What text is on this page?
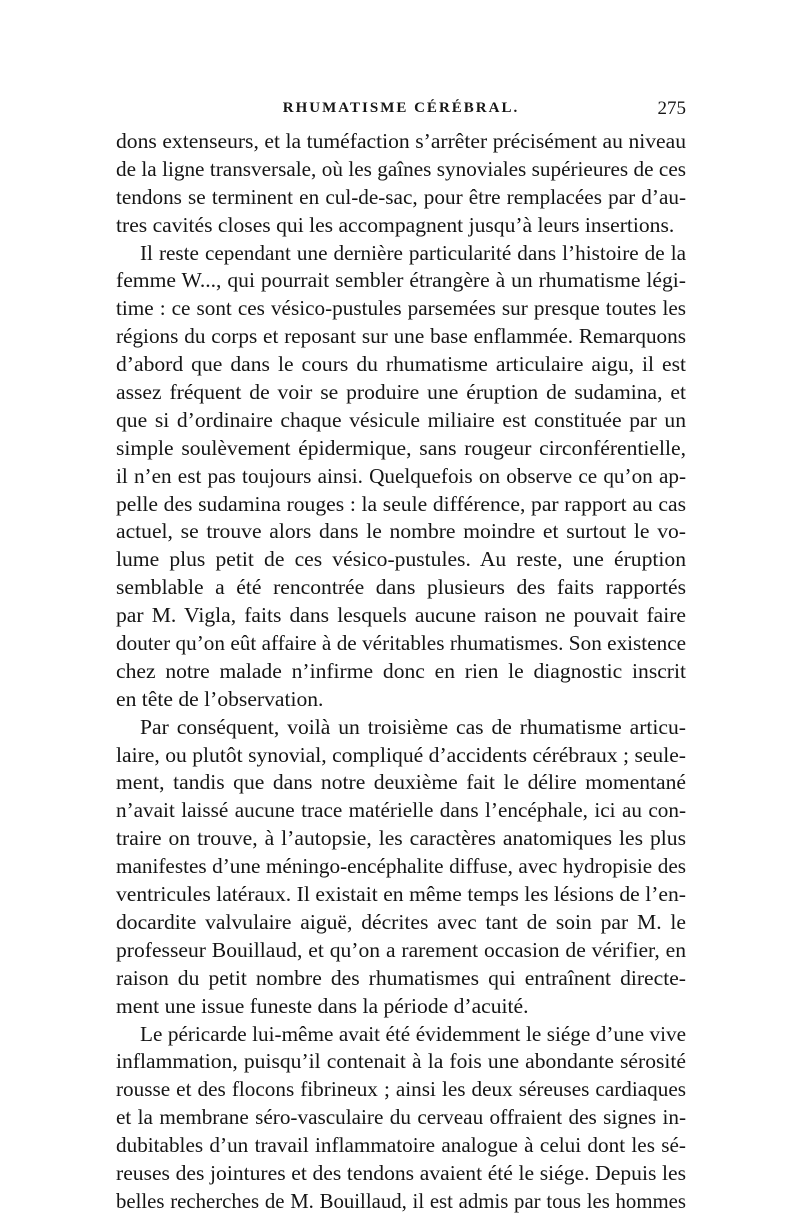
RHUMATISME CÉRÉBRAL.	275
dons extenseurs, et la tuméfaction s’arrêter précisément au niveau
de la ligne transversale, où les gaînes synoviales supérieures de ces
tendons se terminent en cul-de-sac, pour être remplacées par d’au-
tres cavités closes qui les accompagnent jusqu’à leurs insertions.
Il reste cependant une dernière particularité dans l’histoire de la
femme W..., qui pourrait sembler étrangère à un rhumatisme légi-
time : ce sont ces vésico-pustules parsemées sur presque toutes les
régions du corps et reposant sur une base enflammée. Remarquons
d’abord que dans le cours du rhumatisme articulaire aigu, il est
assez fréquent de voir se produire une éruption de sudamina, et
que si d’ordinaire chaque vésicule miliaire est constituée par un
simple soulèvement épidermique, sans rougeur circonférentielle,
il n’en est pas toujours ainsi. Quelquefois on observe ce qu’on ap-
pelle des sudamina rouges : la seule différence, par rapport au cas
actuel, se trouve alors dans le nombre moindre et surtout le vo-
lume plus petit de ces vésico-pustules. Au reste, une éruption
semblable a été rencontrée dans plusieurs des faits rapportés
par M. Vigla, faits dans lesquels aucune raison ne pouvait faire
douter qu’on eût affaire à de véritables rhumatismes. Son existence
chez notre malade n’infirme donc en rien le diagnostic inscrit
en tête de l’observation.
Par conséquent, voilà un troisième cas de rhumatisme articu-
laire, ou plutôt synovial, compliqué d’accidents cérébraux ; seule-
ment, tandis que dans notre deuxième fait le délire momentané
n’avait laissé aucune trace matérielle dans l’encéphale, ici au con-
traire on trouve, à l’autopsie, les caractères anatomiques les plus
manifestes d’une méningo-encéphalite diffuse, avec hydropisie des
ventricules latéraux. Il existait en même temps les lésions de l’en-
docardite valvulaire aiguë, décrites avec tant de soin par M. le
professeur Bouillaud, et qu’on a rarement occasion de vérifier, en
raison du petit nombre des rhumatismes qui entraînent directe-
ment une issue funeste dans la période d’acuité.
Le péricarde lui-même avait été évidemment le siége d’une vive
inflammation, puisqu’il contenait à la fois une abondante sérosité
rousse et des flocons fibrineux ; ainsi les deux séreuses cardiaques
et la membrane séro-vasculaire du cerveau offraient des signes in-
dubitables d’un travail inflammatoire analogue à celui dont les sé-
reuses des jointures et des tendons avaient été le siége. Depuis les
belles recherches de M. Bouillaud, il est admis par tous les hommes
